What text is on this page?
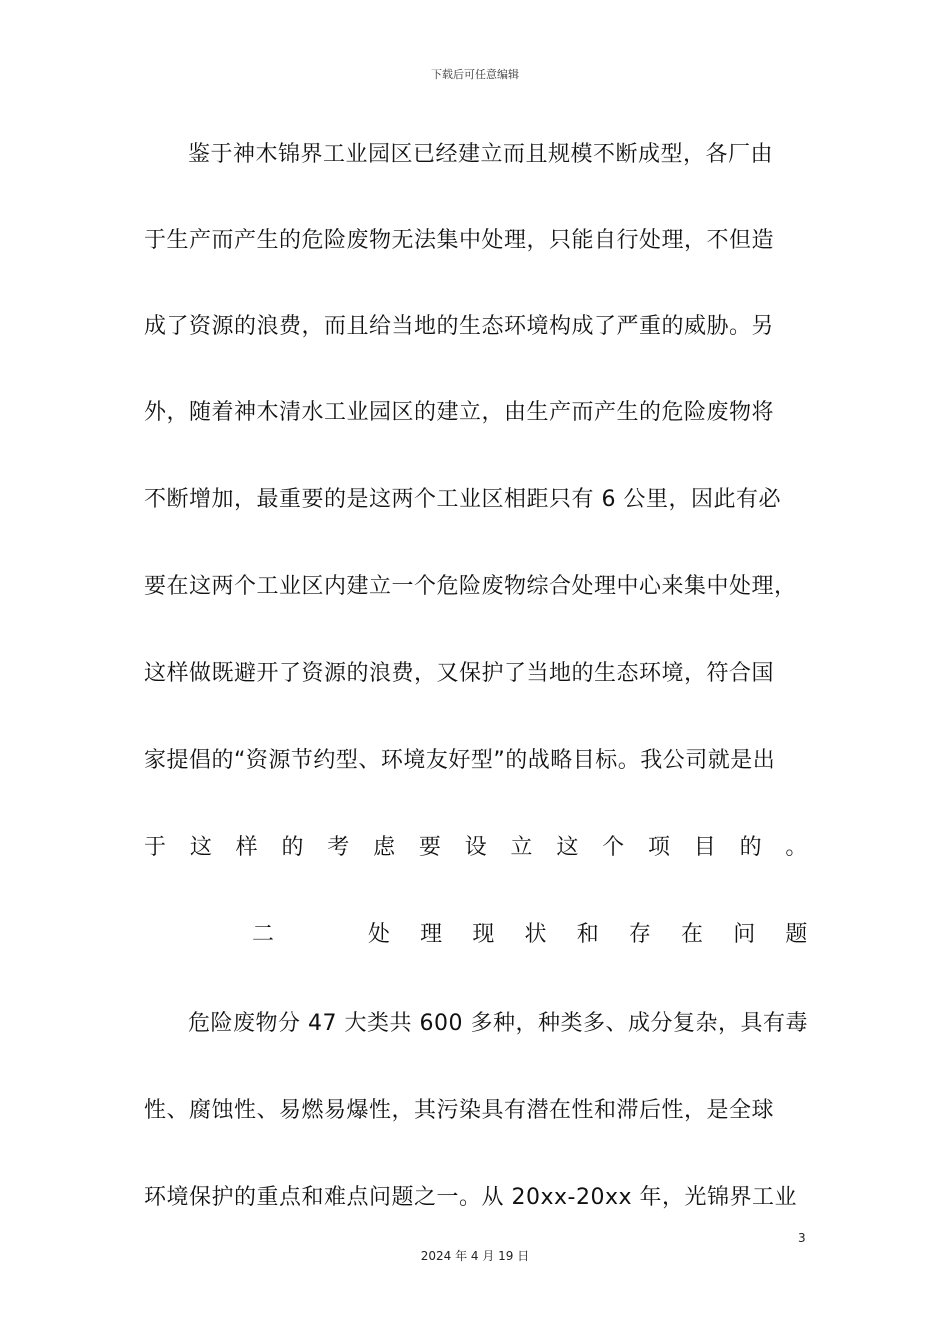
下载后可任意编辑
鉴于神木锦界工业园区已经建立而且规模不断成型，各厂由
于生产而产生的危险废物无法集中处理，只能自行处理，不但造
成了资源的浪费，而且给当地的生态环境构成了严重的威胁。另
外，随着神木清水工业园区的建立，由生产而产生的危险废物将
不断增加，最重要的是这两个工业区相距只有 6 公里，因此有必
要在这两个工业区内建立一个危险废物综合处理中心来集中处理，
这样做既避开了资源的浪费，又保护了当地的生态环境，符合国
家提倡的“资源节约型、环境友好型”的战略目标。我公司就是出
于 这 样 的 考 虑 要 设 立 这 个 项 目 的 。
二	处 理 现 状 和 存 在 问 题
危险废物分 47 大类共 600 多种，种类多、成分复杂，具有毒
性、腐蚀性、易燃易爆性，其污染具有潜在性和滞后性，是全球
环境保护的重点和难点问题之一。从 20xx-20xx 年，光锦界工业
3
2024 年 4 月 19 日
